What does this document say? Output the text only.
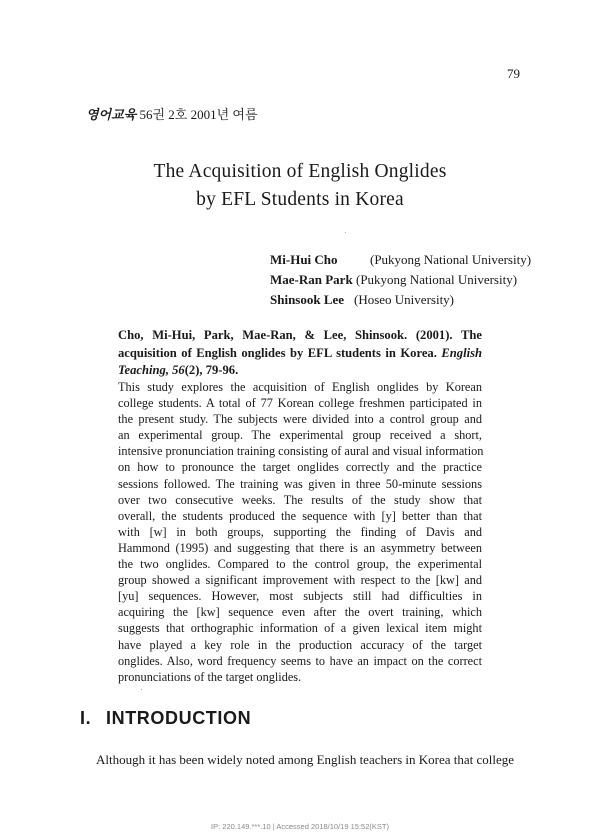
79
영어교육 56권 2호 2001년 여름
The Acquisition of English Onglides
by EFL Students in Korea
Mi-Hui Cho (Pukyong National University)
Mae-Ran Park (Pukyong National University)
Shinsook Lee (Hoseo University)
Cho, Mi-Hui, Park, Mae-Ran, & Lee, Shinsook. (2001). The acquisition of English onglides by EFL students in Korea. English Teaching, 56(2), 79-96.
This study explores the acquisition of English onglides by Korean
college students. A total of 77 Korean college freshmen participated in
the present study. The subjects were divided into a control group and
an experimental group. The experimental group received a short,
intensive pronunciation training consisting of aural and visual information
on how to pronounce the target onglides correctly and the practice
sessions followed. The training was given in three 50-minute sessions
over two consecutive weeks. The results of the study show that
overall, the students produced the sequence with [y] better than that
with [w] in both groups, supporting the finding of Davis and
Hammond (1995) and suggesting that there is an asymmetry between
the two onglides. Compared to the control group, the experimental
group showed a significant improvement with respect to the [kw] and
[yu] sequences. However, most subjects still had difficulties in
acquiring the [kw] sequence even after the overt training, which
suggests that orthographic information of a given lexical item might
have played a key role in the production accuracy of the target
onglides. Also, word frequency seems to have an impact on the correct
pronunciations of the target onglides.
I. INTRODUCTION
Although it has been widely noted among English teachers in Korea that college
IP: 220.149.***.10 | Accessed 2018/10/19 15:52(KST)
